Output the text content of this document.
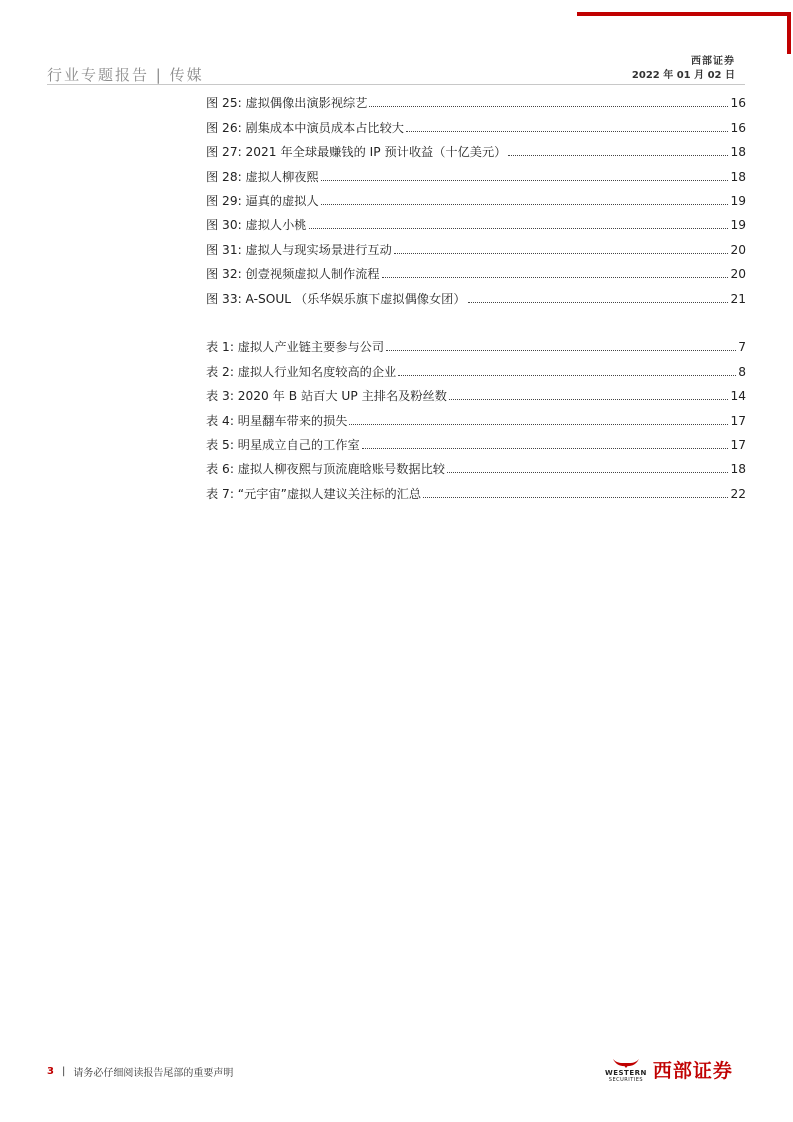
西部证券
2022 年 01 月 02 日
行业专题报告 | 传媒
图 25: 虚拟偶像出演影视综艺	16
图 26: 剧集成本中演员成本占比较大	16
图 27: 2021 年全球最赚钱的 IP 预计收益（十亿美元）	18
图 28: 虚拟人柳夜熙	18
图 29: 逼真的虚拟人	19
图 30: 虚拟人小桃	19
图 31: 虚拟人与现实场景进行互动	20
图 32: 创壹视频虚拟人制作流程	20
图 33: A-SOUL （乐华娱乐旗下虚拟偶像女团）	21
表 1: 虚拟人产业链主要参与公司	7
表 2: 虚拟人行业知名度较高的企业	8
表 3: 2020 年 B 站百大 UP 主排名及粉丝数	14
表 4: 明星翻车带来的损失	17
表 5: 明星成立自己的工作室	17
表 6: 虚拟人柳夜熙与顶流鹿晗账号数据比较	18
表 7: “元宇宙”虚拟人建议关注标的汇总	22
3 | 请务必仔细阅读报告尾部的重要声明	WESTERN
SECURITIES 西部证券
